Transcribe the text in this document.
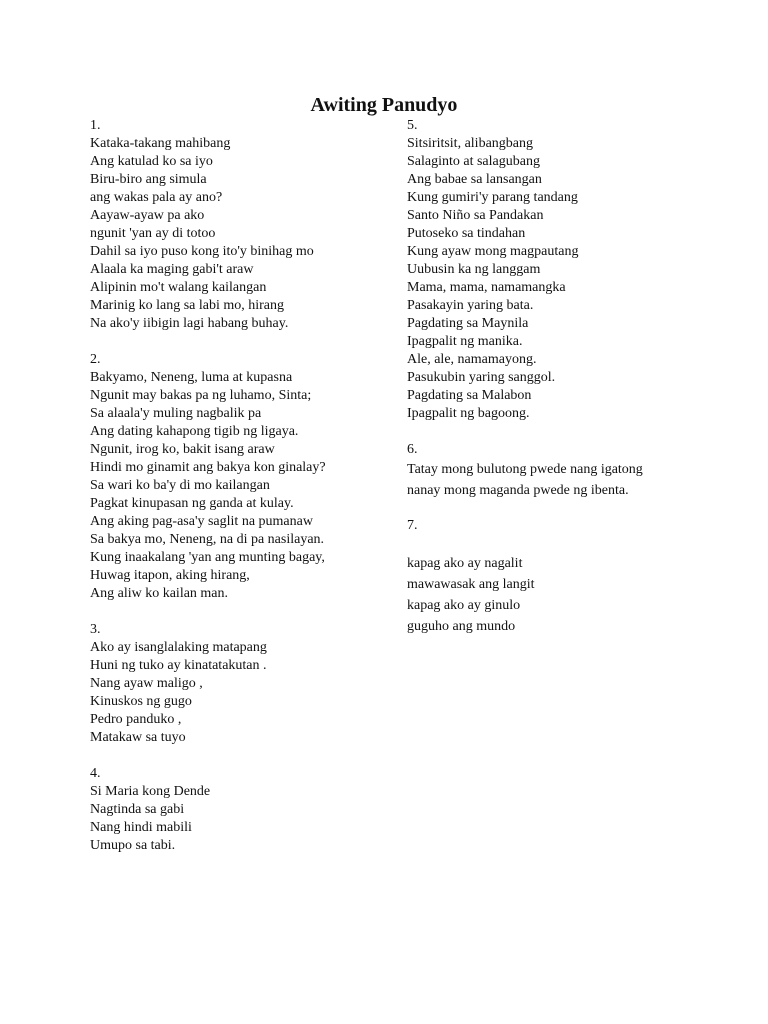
Awiting Panudyo
1.
Kataka-takang mahibang
Ang katulad ko sa iyo
Biru-biro ang simula
ang wakas pala ay ano?
Aayaw-ayaw pa ako
ngunit 'yan ay di totoo
Dahil sa iyo puso kong ito'y binihag mo
Alaala ka maging gabi't araw
Alipinin mo't walang kailangan
Marinig ko lang sa labi mo, hirang
Na ako'y iibigin lagi habang buhay.
2.
Bakyamo, Neneng, luma at kupasna
Ngunit may bakas pa ng luhamo, Sinta;
Sa alaala'y muling nagbalik pa
Ang dating kahapong tigib ng ligaya.
Ngunit, irog ko, bakit isang araw
Hindi mo ginamit ang bakya kon ginalay?
Sa wari ko ba'y di mo kailangan
Pagkat kinupasan ng ganda at kulay.
Ang aking pag-asa'y saglit na pumanaw
Sa bakya mo, Neneng, na di pa nasilayan.
Kung inaakalang 'yan ang munting bagay,
Huwag itapon, aking hirang,
Ang aliw ko kailan man.
3.
Ako ay isanglalaking matapang
Huni ng tuko ay kinatatakutan .
Nang ayaw maligo ,
Kinuskos ng gugo
Pedro panduko ,
Matakaw sa tuyo
4.
Si Maria kong Dende
Nagtinda sa gabi
Nang hindi mabili
Umupo sa tabi.
5.
Sitsiritsit, alibangbang
Salaginto at salagubang
Ang babae sa lansangan
Kung gumiri'y parang tandang
Santo Niño sa Pandakan
Putoseko sa tindahan
Kung ayaw mong magpautang
Uubusin ka ng langgam
Mama, mama, namamangka
Pasakayin yaring bata.
Pagdating sa Maynila
Ipagpalit ng manika.
Ale, ale, namamayong.
Pasukubin yaring sanggol.
Pagdating sa Malabon
Ipagpalit ng bagoong.
6.
Tatay mong bulutong pwede nang igatong
nanay mong maganda pwede ng ibenta.
7.
kapag ako ay nagalit
mawawasak ang langit
kapag ako ay ginulo
guguho ang mundo
